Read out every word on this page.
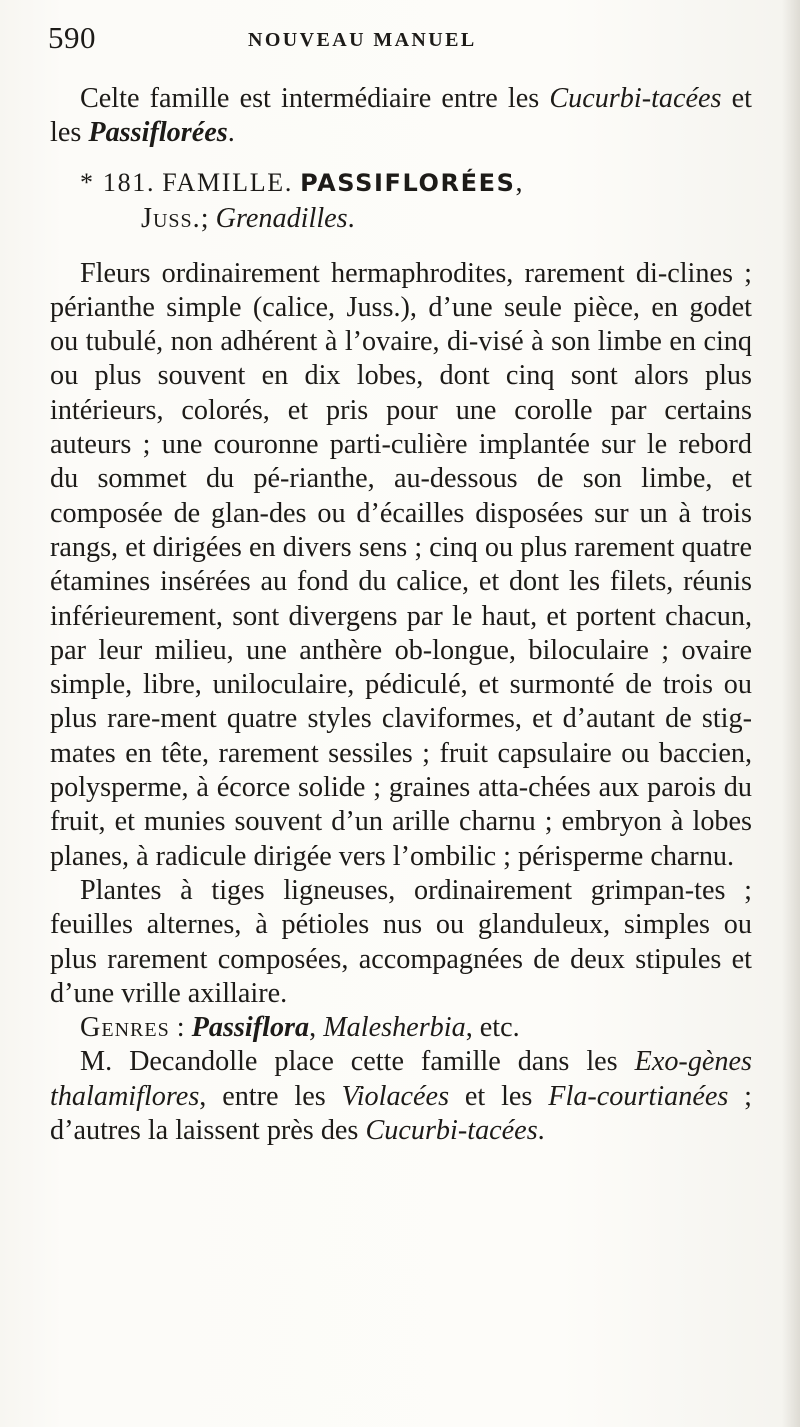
590	NOUVEAU MANUEL

Celte famille est intermédiaire entre les Cucurbi-tacées et les Passiflorées.

* 181. FAMILLE. PASSIFLORÉES,
Juss.; Grenadilles.

Fleurs ordinairement hermaphrodites, rarement di-clines ; périanthe simple (calice, Juss.), d’une seule pièce, en godet ou tubulé, non adhérent à l’ovaire, di-visé à son limbe en cinq ou plus souvent en dix lobes, dont cinq sont alors plus intérieurs, colorés, et pris pour une corolle par certains auteurs ; une couronne parti-culière implantée sur le rebord du sommet du pé-rianthe, au-dessous de son limbe, et composée de glan-des ou d’écailles disposées sur un à trois rangs, et dirigées en divers sens ; cinq ou plus rarement quatre étamines insérées au fond du calice, et dont les filets, réunis inférieurement, sont divergens par le haut, et portent chacun, par leur milieu, une anthère ob-longue, biloculaire ; ovaire simple, libre, uniloculaire, pédiculé, et surmonté de trois ou plus rare-ment quatre styles claviformes, et d’autant de stig-mates en tête, rarement sessiles ; fruit capsulaire ou baccien, polysperme, à écorce solide ; graines atta-chées aux parois du fruit, et munies souvent d’un arille charnu ; embryon à lobes planes, à radicule dirigée vers l’ombilic ; périsperme charnu.

Plantes à tiges ligneuses, ordinairement grimpan-tes ; feuilles alternes, à pétioles nus ou glanduleux, simples ou plus rarement composées, accompagnées de deux stipules et d’une vrille axillaire.

Genres : Passiflora, Malesherbia, etc.

M. Decandolle place cette famille dans les Exo-gènes thalamiflores, entre les Violacées et les Fla-courtianées ; d’autres la laissent près des Cucurbi-tacées.
